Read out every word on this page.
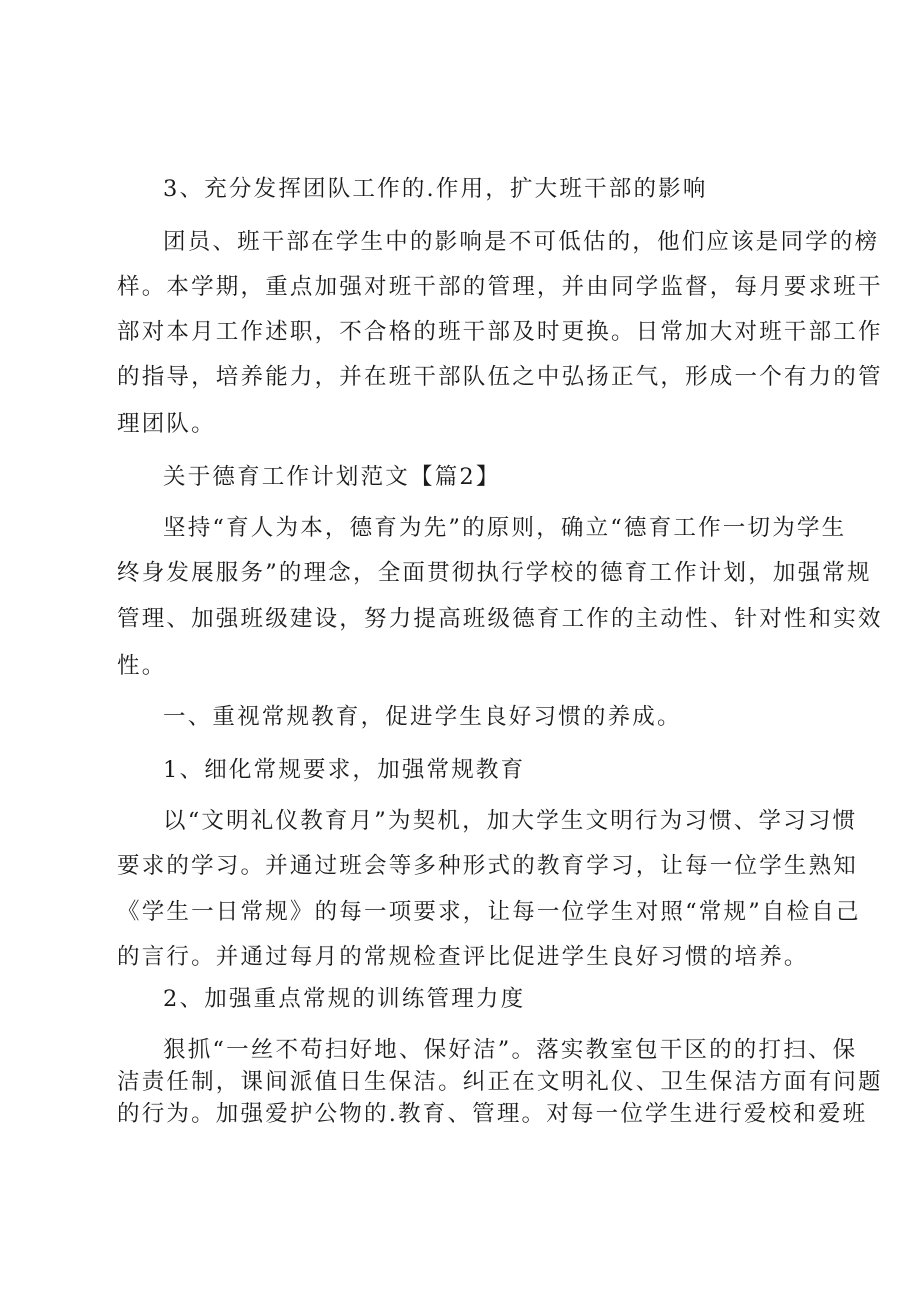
3、充分发挥团队工作的.作用，扩大班干部的影响

团员、班干部在学生中的影响是不可低估的，他们应该是同学的榜

样。本学期，重点加强对班干部的管理，并由同学监督，每月要求班干

部对本月工作述职，不合格的班干部及时更换。日常加大对班干部工作

的指导，培养能力，并在班干部队伍之中弘扬正气，形成一个有力的管

理团队。

关于德育工作计划范文【篇2】

坚持“育人为本，德育为先”的原则，确立“德育工作一切为学生

终身发展服务”的理念，全面贯彻执行学校的德育工作计划，加强常规

管理、加强班级建设，努力提高班级德育工作的主动性、针对性和实效

性。

一、重视常规教育，促进学生良好习惯的养成。

1、细化常规要求，加强常规教育

以“文明礼仪教育月”为契机，加大学生文明行为习惯、学习习惯

要求的学习。并通过班会等多种形式的教育学习，让每一位学生熟知

《学生一日常规》的每一项要求，让每一位学生对照“常规”自检自己

的言行。并通过每月的常规检查评比促进学生良好习惯的培养。

2、加强重点常规的训练管理力度

狠抓“一丝不苟扫好地、保好洁”。落实教室包干区的的打扫、保

洁责任制，课间派值日生保洁。纠正在文明礼仪、卫生保洁方面有问题

的行为。加强爱护公物的.教育、管理。对每一位学生进行爱校和爱班
